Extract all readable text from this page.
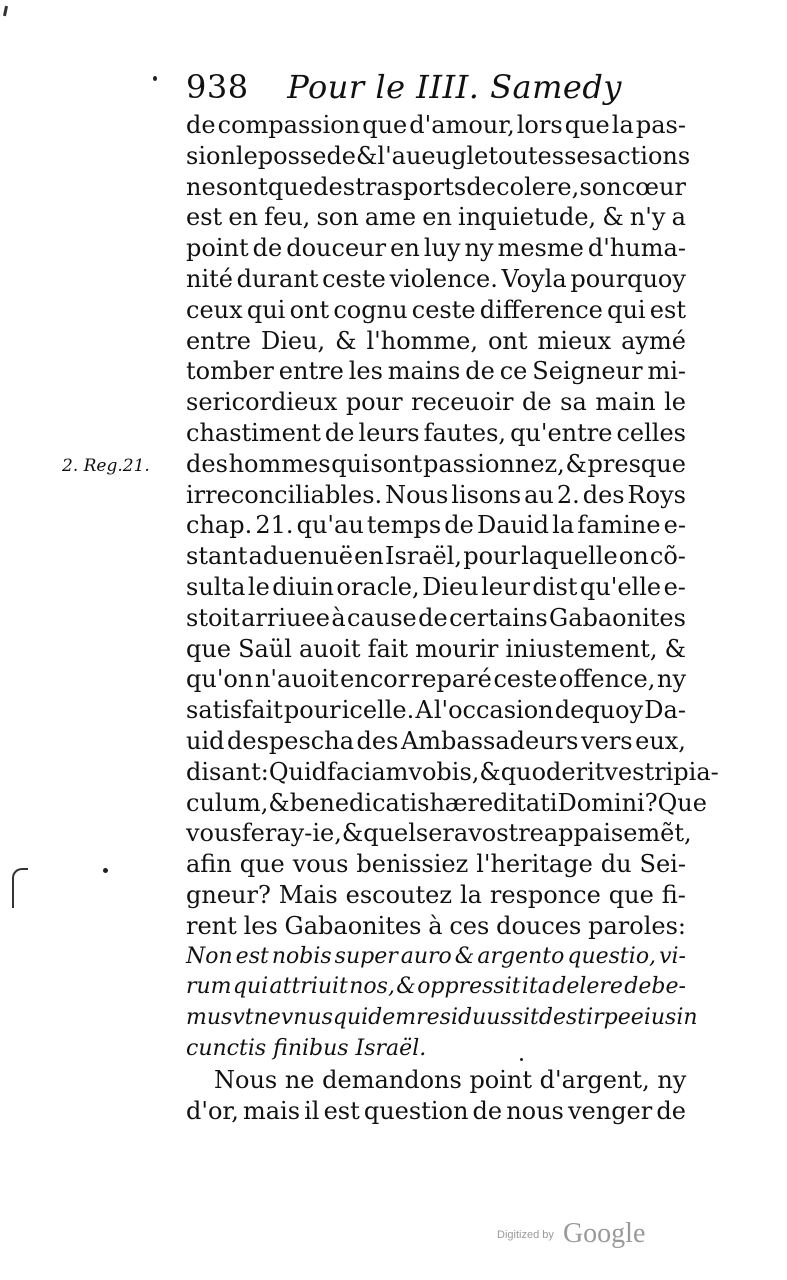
938 Pour le IIII. Samedy
2. Reg.21.
de compassion que d'amour, lors que la pas-
sion le possede & l'aueugle toutes ses actions
ne sont que des trasports de colere, son cœur
est en feu, son ame en inquietude, & n'y a
point de douceur en luy ny mesme d'huma-
nité durant ceste violence. Voyla pourquoy
ceux qui ont cognu ceste difference qui est
entre Dieu, & l'homme, ont mieux aymé
tomber entre les mains de ce Seigneur mi-
sericordieux pour receuoir de sa main le
chastiment de leurs fautes, qu'entre celles
des hommes qui sont passionnez, & presque
irreconciliables. Nous lisons au 2. des Roys
chap. 21. qu'au temps de Dauid la famine e-
stant aduenuë en Israël, pour laquelle on cõ-
sulta le diuin oracle, Dieu leur dist qu'elle e-
stoit arriuee à cause de certains Gabaonites
que Saül auoit fait mourir iniustement, &
qu'on n'auoit encor reparé ceste offence, ny
satisfait pour icelle. A l'occasion dequoy Da-
uid despescha des Ambassadeurs vers eux,
disant: Quid faciam vobis, & quod erit vestri pia-
culum, & benedicatis hæreditati Domini? Que
vous feray-ie, & quel sera vostre appaisemẽt,
afin que vous benissiez l'heritage du Sei-
gneur? Mais escoutez la responce que fi-
rent les Gabaonites à ces douces paroles:
Non est nobis super auro & argento questio, vi-
rum qui attriuit nos, & oppressit ita delere debe-
mus vt ne vnus quidem residuus sit de stirpe eius in
cunctis finibus Israël.
Nous ne demandons point d'argent, ny
d'or, mais il est question de nous venger de
$^{Digitized by}$ Google
